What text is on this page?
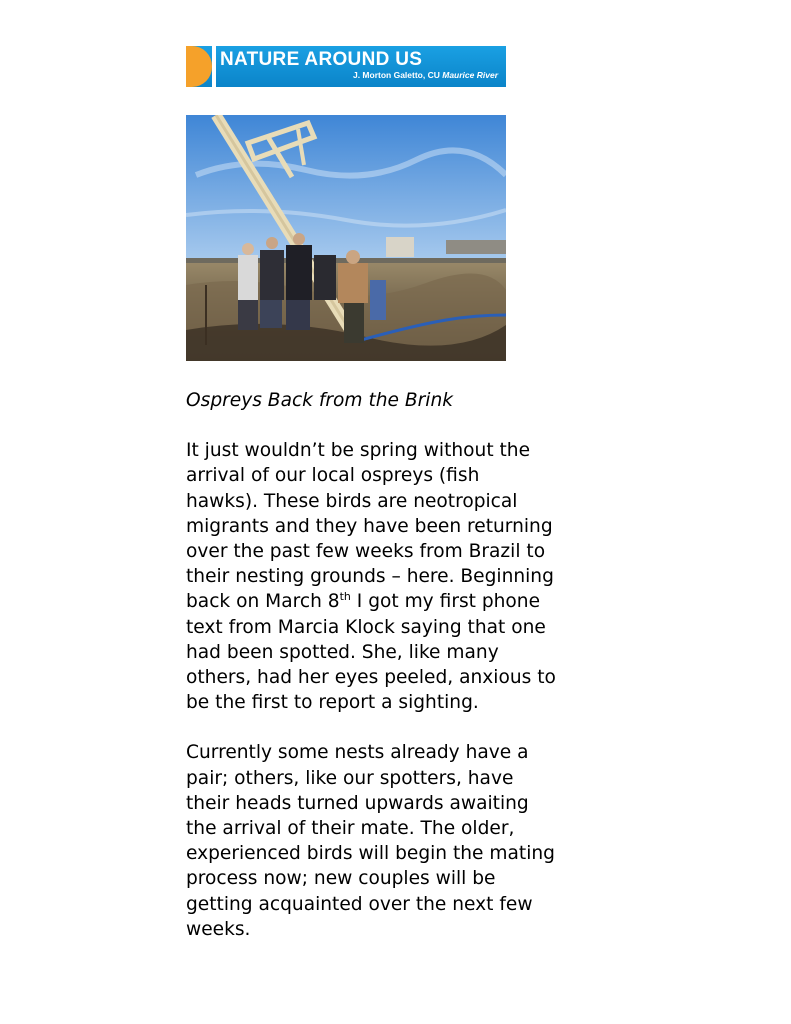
NATURE AROUND US
J. Morton Galetto, CU Maurice River
Ospreys Back from the Brink
It just wouldn’t be spring without the
arrival of our local ospreys (fish
hawks). These birds are neotropical
migrants and they have been returning
over the past few weeks from Brazil to
their nesting grounds – here. Beginning
back on March 8th I got my first phone
text from Marcia Klock saying that one
had been spotted. She, like many
others, had her eyes peeled, anxious to
be the first to report a sighting.
Currently some nests already have a
pair; others, like our spotters, have
their heads turned upwards awaiting
the arrival of their mate. The older,
experienced birds will begin the mating
process now; new couples will be
getting acquainted over the next few
weeks.
